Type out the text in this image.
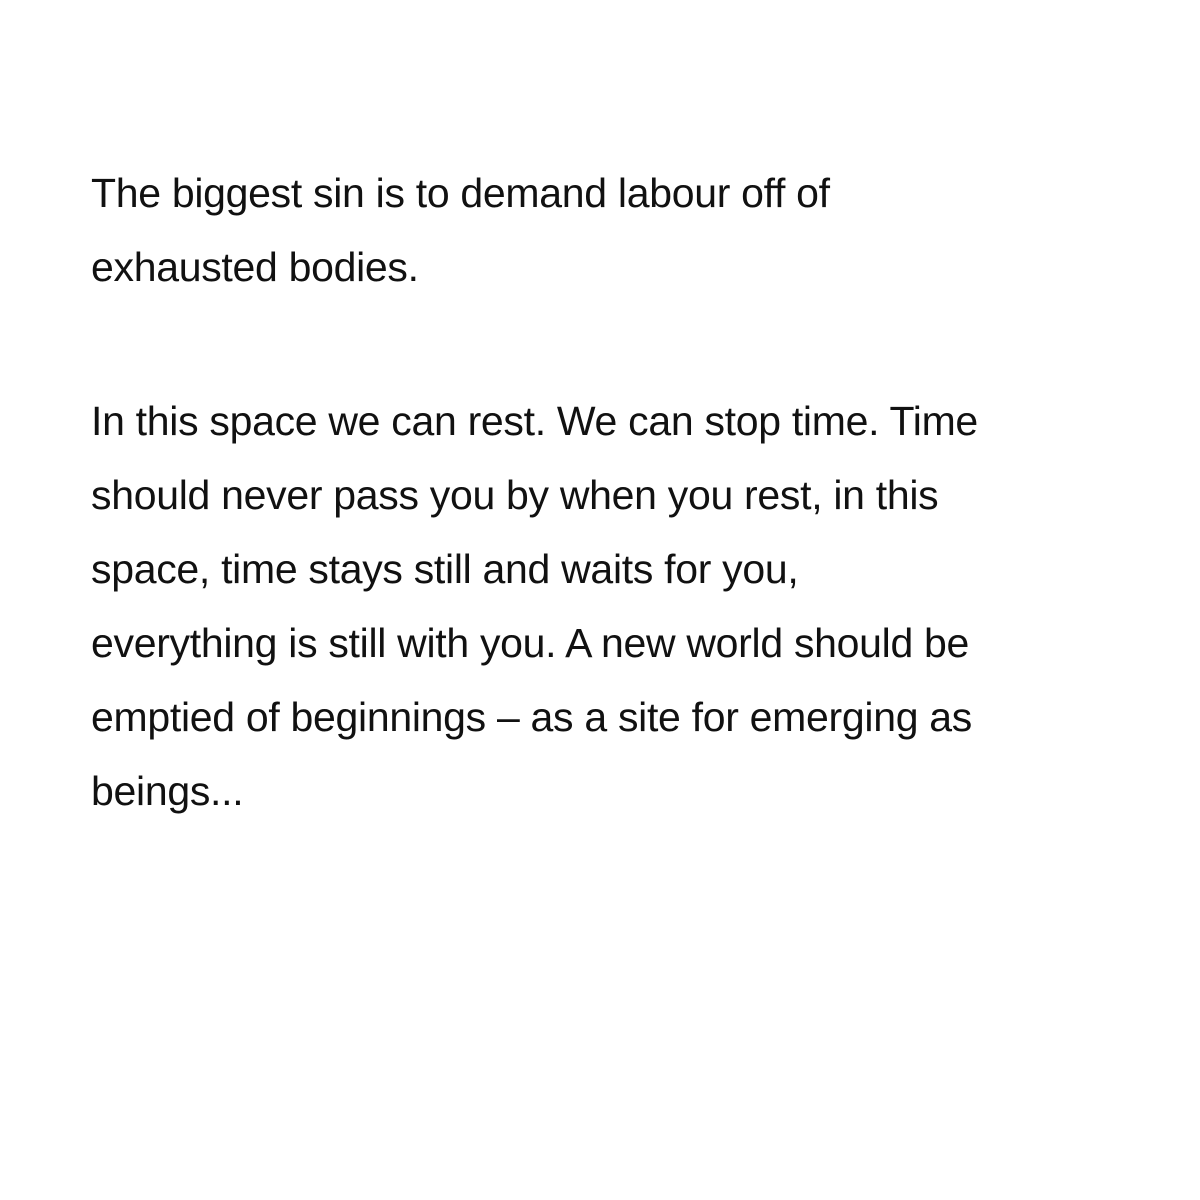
The biggest sin is to demand labour off of
exhausted bodies.
In this space we can rest. We can stop time. Time
should never pass you by when you rest, in this
space, time stays still and waits for you,
everything is still with you. A new world should be
emptied of beginnings – as a site for emerging as
beings...
